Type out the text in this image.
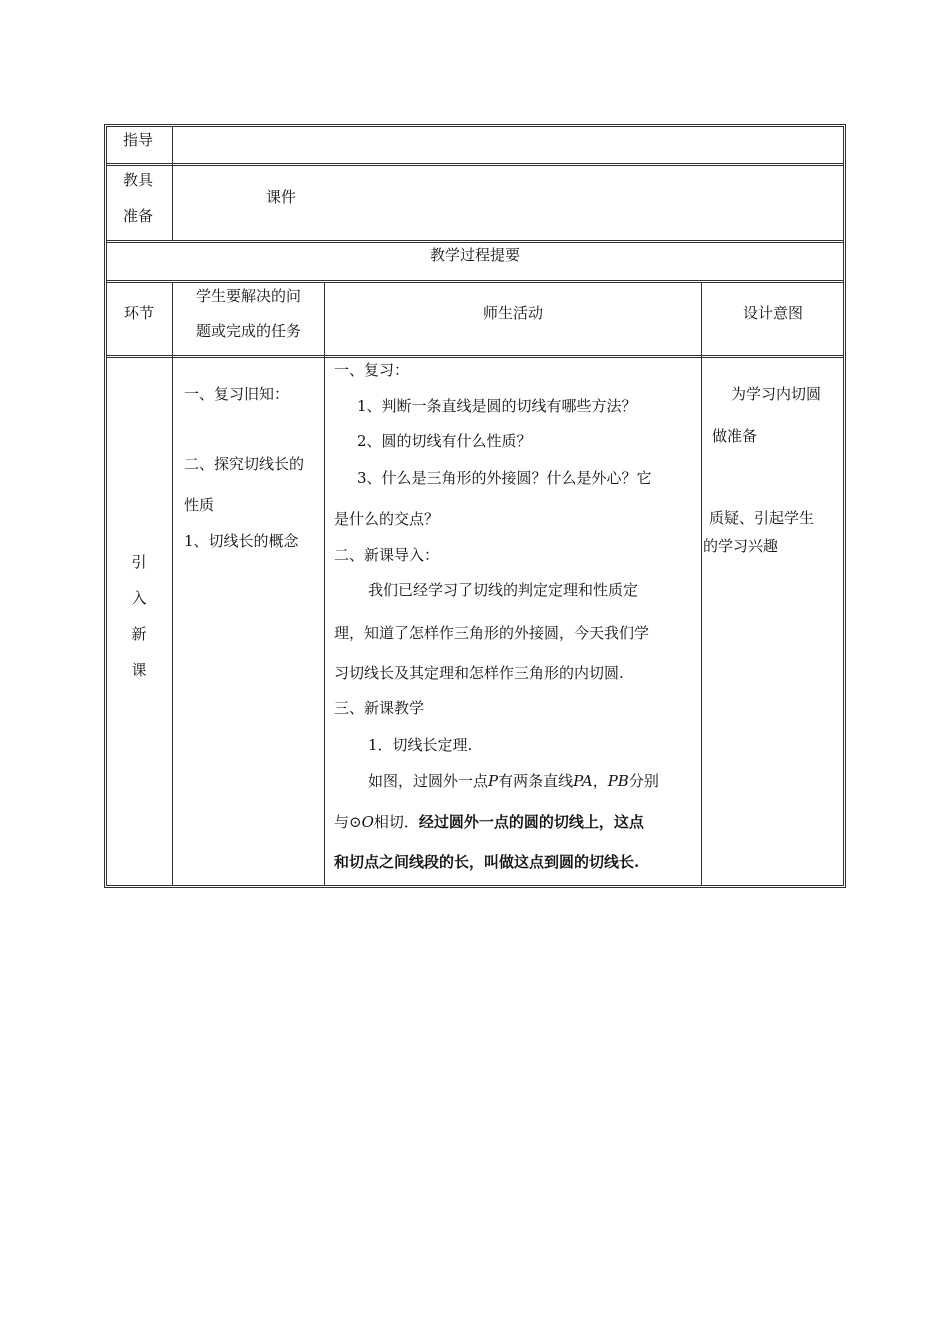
指导
教具
准备
课件
教学过程提要
环节
学生要解决的问
题或完成的任务
师生活动	设计意图
引
入
新
课
一、复习旧知：
二、探究切线长的
性质
1、切线长的概念
一、复习：
1、判断一条直线是圆的切线有哪些方法？
2、圆的切线有什么性质？
3、什么是三角形的外接圆？什么是外心？它
是什么的交点？
二、新课导入：
我们已经学习了切线的判定定理和性质定
理，知道了怎样作三角形的外接圆，今天我们学
习切线长及其定理和怎样作三角形的内切圆.
三、新课教学
1．切线长定理.
如图，过圆外一点P有两条直线PA，PB分别
与⊙O相切．经过圆外一点的圆的切线上，这点
和切点之间线段的长，叫做这点到圆的切线长.
为学习内切圆
做准备
质疑、引起学生
的学习兴趣
